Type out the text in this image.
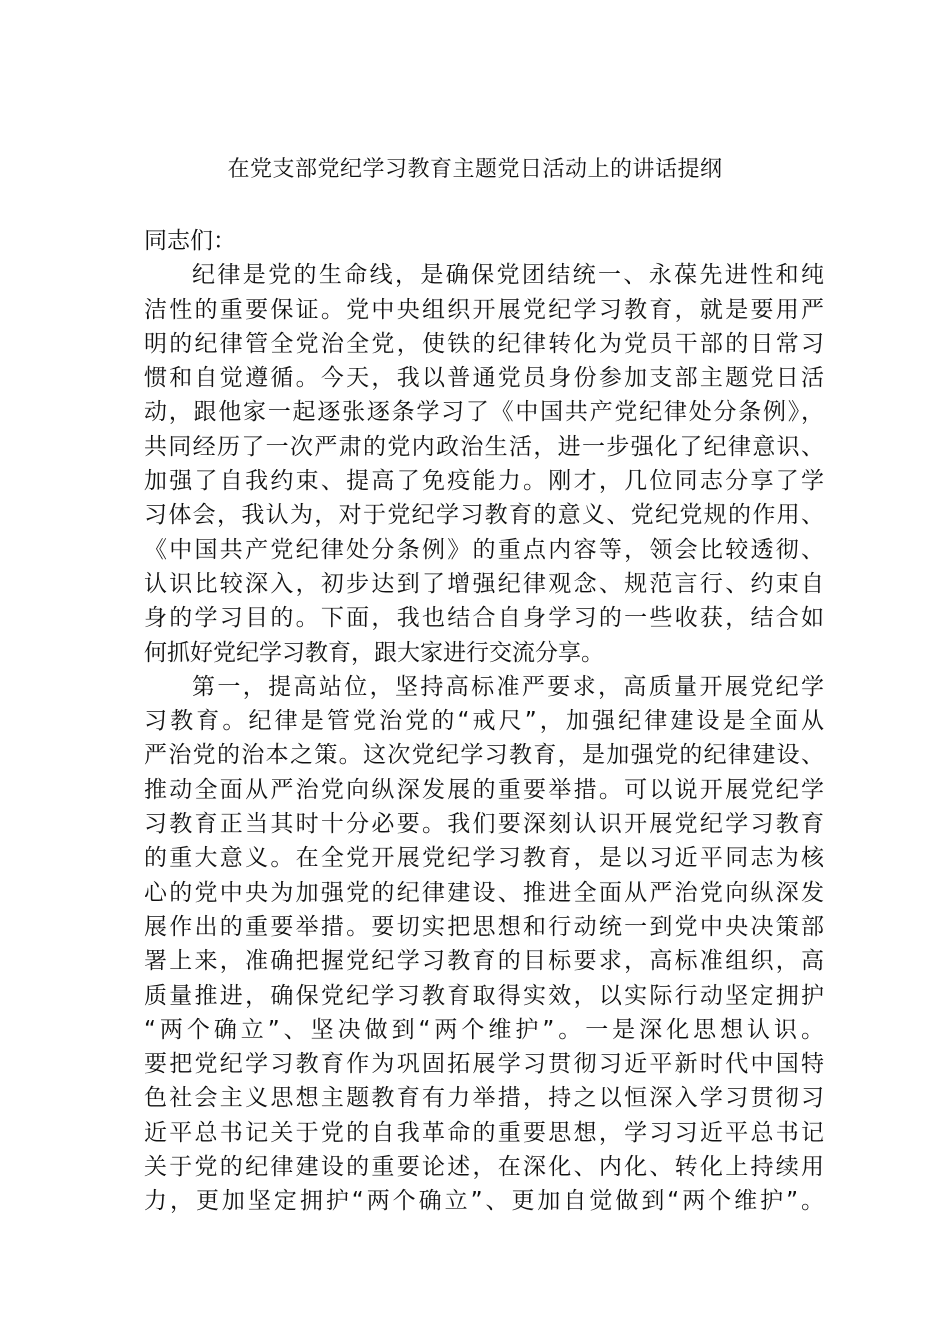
在党支部党纪学习教育主题党日活动上的讲话提纲
同志们：
纪律是党的生命线，是确保党团结统一、永葆先进性和纯
洁性的重要保证。党中央组织开展党纪学习教育，就是要用严
明的纪律管全党治全党，使铁的纪律转化为党员干部的日常习
惯和自觉遵循。今天，我以普通党员身份参加支部主题党日活
动，跟他家一起逐张逐条学习了《中国共产党纪律处分条例》，
共同经历了一次严肃的党内政治生活，进一步强化了纪律意识、
加强了自我约束、提高了免疫能力。刚才，几位同志分享了学
习体会，我认为，对于党纪学习教育的意义、党纪党规的作用、
《中国共产党纪律处分条例》的重点内容等，领会比较透彻、
认识比较深入，初步达到了增强纪律观念、规范言行、约束自
身的学习目的。下面，我也结合自身学习的一些收获，结合如
何抓好党纪学习教育，跟大家进行交流分享。
第一，提高站位，坚持高标准严要求，高质量开展党纪学
习教育。纪律是管党治党的“戒尺”，加强纪律建设是全面从
严治党的治本之策。这次党纪学习教育，是加强党的纪律建设、
推动全面从严治党向纵深发展的重要举措。可以说开展党纪学
习教育正当其时十分必要。我们要深刻认识开展党纪学习教育
的重大意义。在全党开展党纪学习教育，是以习近平同志为核
心的党中央为加强党的纪律建设、推进全面从严治党向纵深发
展作出的重要举措。要切实把思想和行动统一到党中央决策部
署上来，准确把握党纪学习教育的目标要求，高标准组织，高
质量推进，确保党纪学习教育取得实效，以实际行动坚定拥护
“两个确立”、坚决做到“两个维护”。一是深化思想认识。
要把党纪学习教育作为巩固拓展学习贯彻习近平新时代中国特
色社会主义思想主题教育有力举措，持之以恒深入学习贯彻习
近平总书记关于党的自我革命的重要思想，学习习近平总书记
关于党的纪律建设的重要论述，在深化、内化、转化上持续用
力，更加坚定拥护“两个确立”、更加自觉做到“两个维护”。
